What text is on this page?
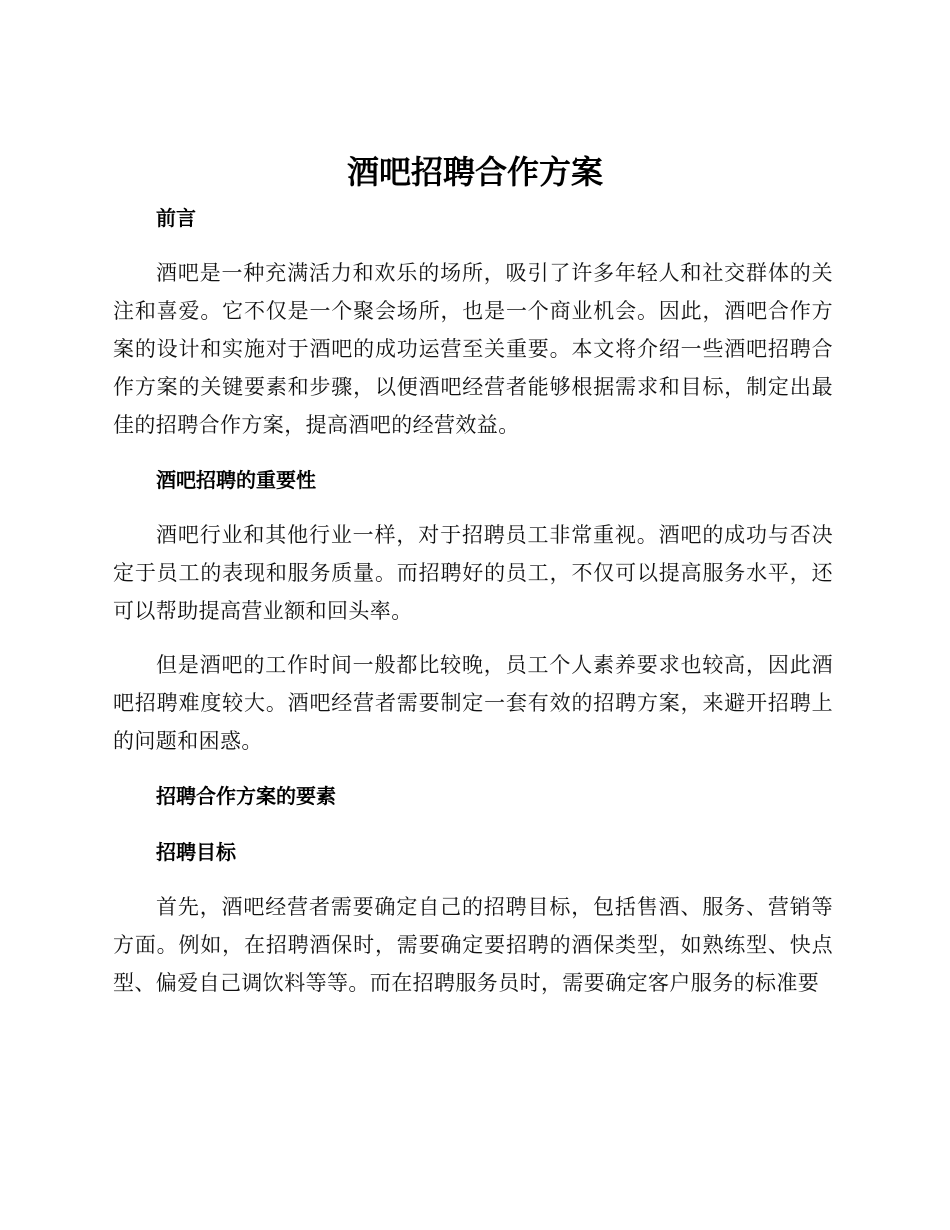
酒吧招聘合作方案
前言

酒吧是一种充满活力和欢乐的场所，吸引了许多年轻人和社交群体的关注和喜爱。它不仅是一个聚会场所，也是一个商业机会。因此，酒吧合作方案的设计和实施对于酒吧的成功运营至关重要。本文将介绍一些酒吧招聘合作方案的关键要素和步骤，以便酒吧经营者能够根据需求和目标，制定出最佳的招聘合作方案，提高酒吧的经营效益。

酒吧招聘的重要性

酒吧行业和其他行业一样，对于招聘员工非常重视。酒吧的成功与否决定于员工的表现和服务质量。而招聘好的员工，不仅可以提高服务水平，还可以帮助提高营业额和回头率。

但是酒吧的工作时间一般都比较晚，员工个人素养要求也较高，因此酒吧招聘难度较大。酒吧经营者需要制定一套有效的招聘方案，来避开招聘上的问题和困惑。

招聘合作方案的要素
招聘目标

首先，酒吧经营者需要确定自己的招聘目标，包括售酒、服务、营销等方面。例如，在招聘酒保时，需要确定要招聘的酒保类型，如熟练型、快点型、偏爱自己调饮料等等。而在招聘服务员时，需要确定客户服务的标准要
